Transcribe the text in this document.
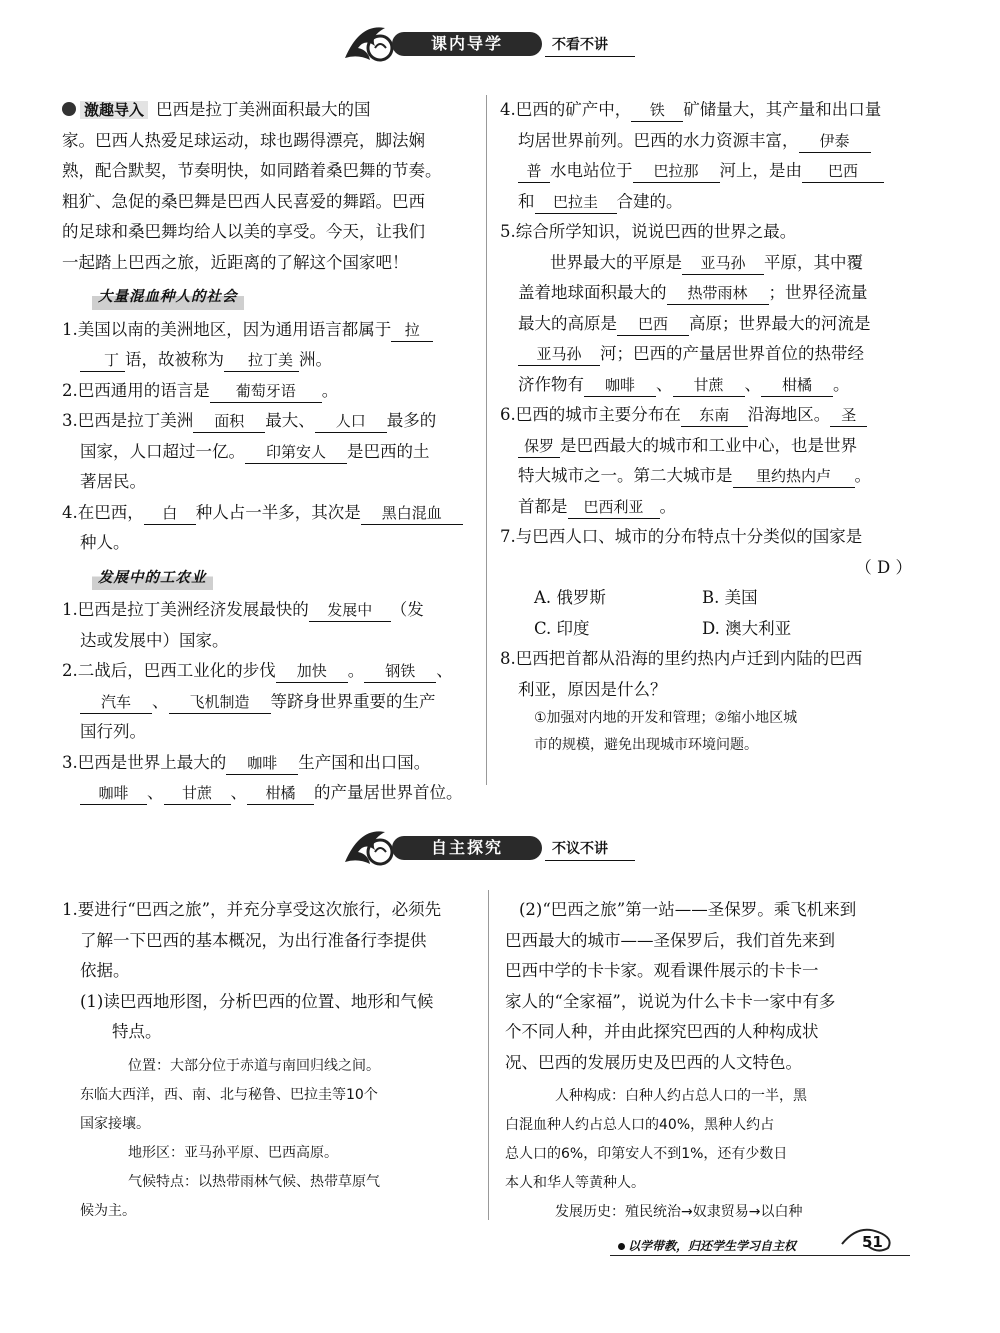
课内导学	不看不讲

激趣导入 巴西是拉丁美洲面积最大的国

家。巴西人热爱足球运动，球也踢得漂亮，脚法娴

熟，配合默契，节奏明快，如同踏着桑巴舞的节奏。

粗犷、急促的桑巴舞是巴西人民喜爱的舞蹈。巴西

的足球和桑巴舞均给人以美的享受。今天，让我们

一起踏上巴西之旅，近距离的了解这个国家吧！

大量混血种人的社会

1.美国以南的美洲地区，因为通用语言都属于 拉

丁 语，故被称为 拉丁美 洲。

2.巴西通用的语言是 葡萄牙语 。

3.巴西是拉丁美洲 面积 最大、 人口 最多的

国家，人口超过一亿。 印第安人 是巴西的土

著居民。

4.在巴西， 白 种人占一半多，其次是 黑白混血

种人。

发展中的工农业

1.巴西是拉丁美洲经济发展最快的 发展中 （发

达或发展中）国家。

2.二战后，巴西工业化的步伐 加快 。 钢铁 、

汽车 、 飞机制造 等跻身世界重要的生产

国行列。

3.巴西是世界上最大的 咖啡 生产国和出口国。

咖啡 、 甘蔗 、 柑橘 的产量居世界首位。

4.巴西的矿产中， 铁 矿储量大，其产量和出口量

均居世界前列。巴西的水力资源丰富， 伊泰

普 水电站位于 巴拉那 河上，是由 巴西

和 巴拉圭 合建的。

5.综合所学知识，说说巴西的世界之最。

世界最大的平原是 亚马孙 平原，其中覆

盖着地球面积最大的 热带雨林 ；世界径流量

最大的高原是 巴西 高原；世界最大的河流是

亚马孙 河；巴西的产量居世界首位的热带经

济作物有 咖啡 、 甘蔗 、 柑橘 。

6.巴西的城市主要分布在 东南 沿海地区。 圣

保罗 是巴西最大的城市和工业中心，也是世界

特大城市之一。第二大城市是 里约热内卢 。

首都是 巴西利亚 。

7.与巴西人口、城市的分布特点十分类似的国家是

（ D ）

A. 俄罗斯	B. 美国
C. 印度	D. 澳大利亚

8.巴西把首都从沿海的里约热内卢迁到内陆的巴西

利亚，原因是什么？

①加强对内地的开发和管理；②缩小地区城

市的规模，避免出现城市环境问题。

自主探究	不议不讲

1.要进行“巴西之旅”，并充分享受这次旅行，必须先

了解一下巴西的基本概况，为出行准备行李提供

依据。

(1)读巴西地形图，分析巴西的位置、地形和气候

特点。

位置：大部分位于赤道与南回归线之间。

东临大西洋，西、南、北与秘鲁、巴拉圭等10个

国家接壤。

地形区：亚马孙平原、巴西高原。

气候特点：以热带雨林气候、热带草原气

候为主。

(2)“巴西之旅”第一站——圣保罗。乘飞机来到

巴西最大的城市——圣保罗后，我们首先来到

巴西中学的卡卡家。观看课件展示的卡卡一

家人的“全家福”，说说为什么卡卡一家中有多

个不同人种，并由此探究巴西的人种构成状

况、巴西的发展历史及巴西的人文特色。

人种构成：白种人约占总人口的一半，黑

白混血种人约占总人口的40%，黑种人约占

总人口的6%，印第安人不到1%，还有少数日

本人和华人等黄种人。

发展历史：殖民统治→奴隶贸易→以白种

以学带教，归还学生学习自主权	51
